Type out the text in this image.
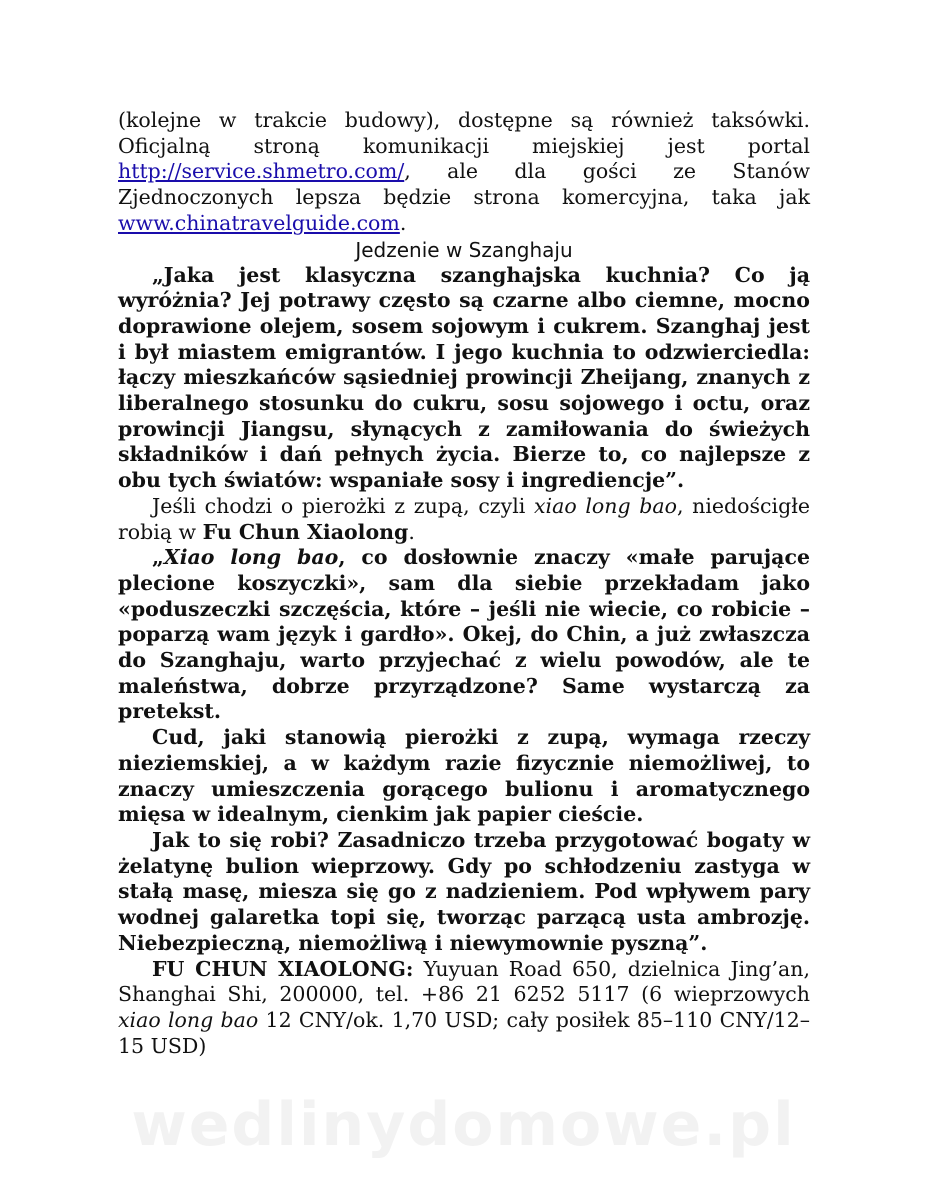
(kolejne w trakcie budowy), dostępne są również taksówki. Oficjalną stroną komunikacji miejskiej jest portal http://service.shmetro.com/, ale dla gości ze Stanów Zjednoczonych lepsza będzie strona komercyjna, taka jak www.chinatravelguide.com.

Jedzenie w Szanghaju

„Jaka jest klasyczna szanghajska kuchnia? Co ją wyróżnia? Jej potrawy często są czarne albo ciemne, mocno doprawione olejem, sosem sojowym i cukrem. Szanghaj jest i był miastem emigrantów. I jego kuchnia to odzwierciedla: łączy mieszkańców sąsiedniej prowincji Zheijang, znanych z liberalnego stosunku do cukru, sosu sojowego i octu, oraz prowincji Jiangsu, słynących z zamiłowania do świeżych składników i dań pełnych życia. Bierze to, co najlepsze z obu tych światów: wspaniałe sosy i ingrediencje”.

Jeśli chodzi o pierożki z zupą, czyli xiao long bao, niedościgłe robią w Fu Chun Xiaolong.

„Xiao long bao, co dosłownie znaczy «małe parujące plecione koszyczki», sam dla siebie przekładam jako «poduszeczki szczęścia, które – jeśli nie wiecie, co robicie – poparzą wam język i gardło». Okej, do Chin, a już zwłaszcza do Szanghaju, warto przyjechać z wielu powodów, ale te maleństwa, dobrze przyrządzone? Same wystarczą za pretekst.

Cud, jaki stanowią pierożki z zupą, wymaga rzeczy nieziemskiej, a w każdym razie fizycznie niemożliwej, to znaczy umieszczenia gorącego bulionu i aromatycznego mięsa w idealnym, cienkim jak papier cieście.

Jak to się robi? Zasadniczo trzeba przygotować bogaty w żelatynę bulion wieprzowy. Gdy po schłodzeniu zastyga w stałą masę, miesza się go z nadzieniem. Pod wpływem pary wodnej galaretka topi się, tworząc parzącą usta ambrozję. Niebezpieczną, niemożliwą i niewymownie pyszną”.

FU CHUN XIAOLONG: Yuyuan Road 650, dzielnica Jing’an, Shanghai Shi, 200000, tel. +86 21 6252 5117 (6 wieprzowych xiao long bao 12 CNY/ok. 1,70 USD; cały posiłek 85–110 CNY/12–15 USD)

wedlinydomowe.pl
